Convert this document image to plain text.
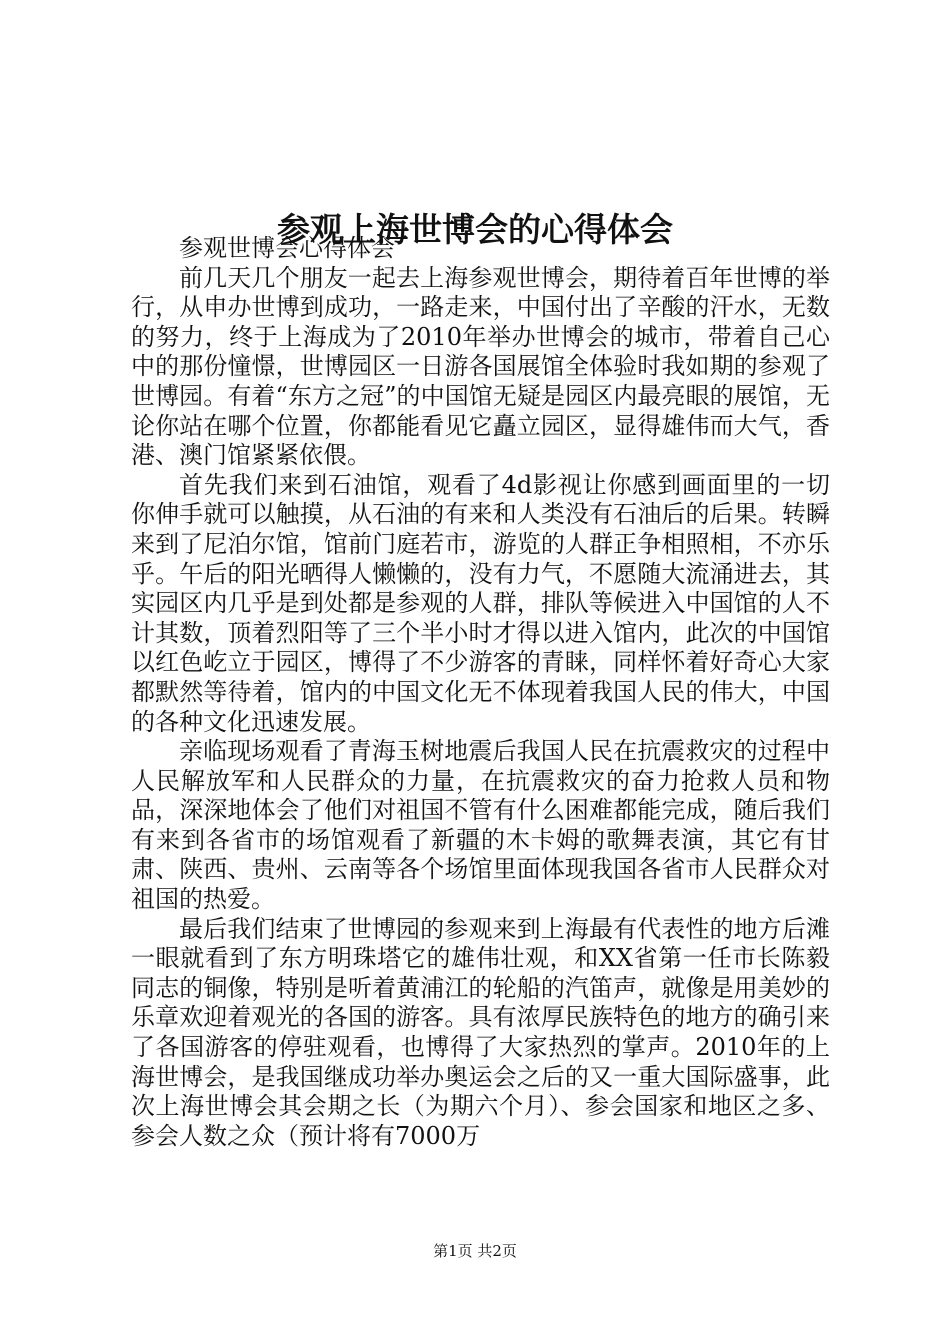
参观上海世博会的心得体会

参观世博会心得体会

前几天几个朋友一起去上海参观世博会，期待着百年世博的举行，从申办世博到成功，一路走来，中国付出了辛酸的汗水，无数的努力，终于上海成为了2010年举办世博会的城市，带着自己心中的那份憧憬，世博园区一日游各国展馆全体验时我如期的参观了世博园。有着“东方之冠”的中国馆无疑是园区内最亮眼的展馆，无论你站在哪个位置，你都能看见它矗立园区，显得雄伟而大气，香港、澳门馆紧紧依偎。

首先我们来到石油馆，观看了4d影视让你感到画面里的一切你伸手就可以触摸，从石油的有来和人类没有石油后的后果。转瞬来到了尼泊尔馆，馆前门庭若市，游览的人群正争相照相，不亦乐乎。午后的阳光晒得人懒懒的，没有力气，不愿随大流涌进去，其实园区内几乎是到处都是参观的人群，排队等候进入中国馆的人不计其数，顶着烈阳等了三个半小时才得以进入馆内，此次的中国馆以红色屹立于园区，博得了不少游客的青睐，同样怀着好奇心大家都默然等待着，馆内的中国文化无不体现着我国人民的伟大，中国的各种文化迅速发展。

亲临现场观看了青海玉树地震后我国人民在抗震救灾的过程中人民解放军和人民群众的力量，在抗震救灾的奋力抢救人员和物品，深深地体会了他们对祖国不管有什么困难都能完成，随后我们有来到各省市的场馆观看了新疆的木卡姆的歌舞表演，其它有甘肃、陕西、贵州、云南等各个场馆里面体现我国各省市人民群众对祖国的热爱。

最后我们结束了世博园的参观来到上海最有代表性的地方后滩一眼就看到了东方明珠塔它的雄伟壮观，和XX省第一任市长陈毅同志的铜像，特别是听着黄浦江的轮船的汽笛声，就像是用美妙的乐章欢迎着观光的各国的游客。具有浓厚民族特色的地方的确引来了各国游客的停驻观看，也博得了大家热烈的掌声。2010年的上海世博会，是我国继成功举办奥运会之后的又一重大国际盛事，此次上海世博会其会期之长（为期六个月）、参会国家和地区之多、参会人数之众（预计将有7000万

第1页 共2页
